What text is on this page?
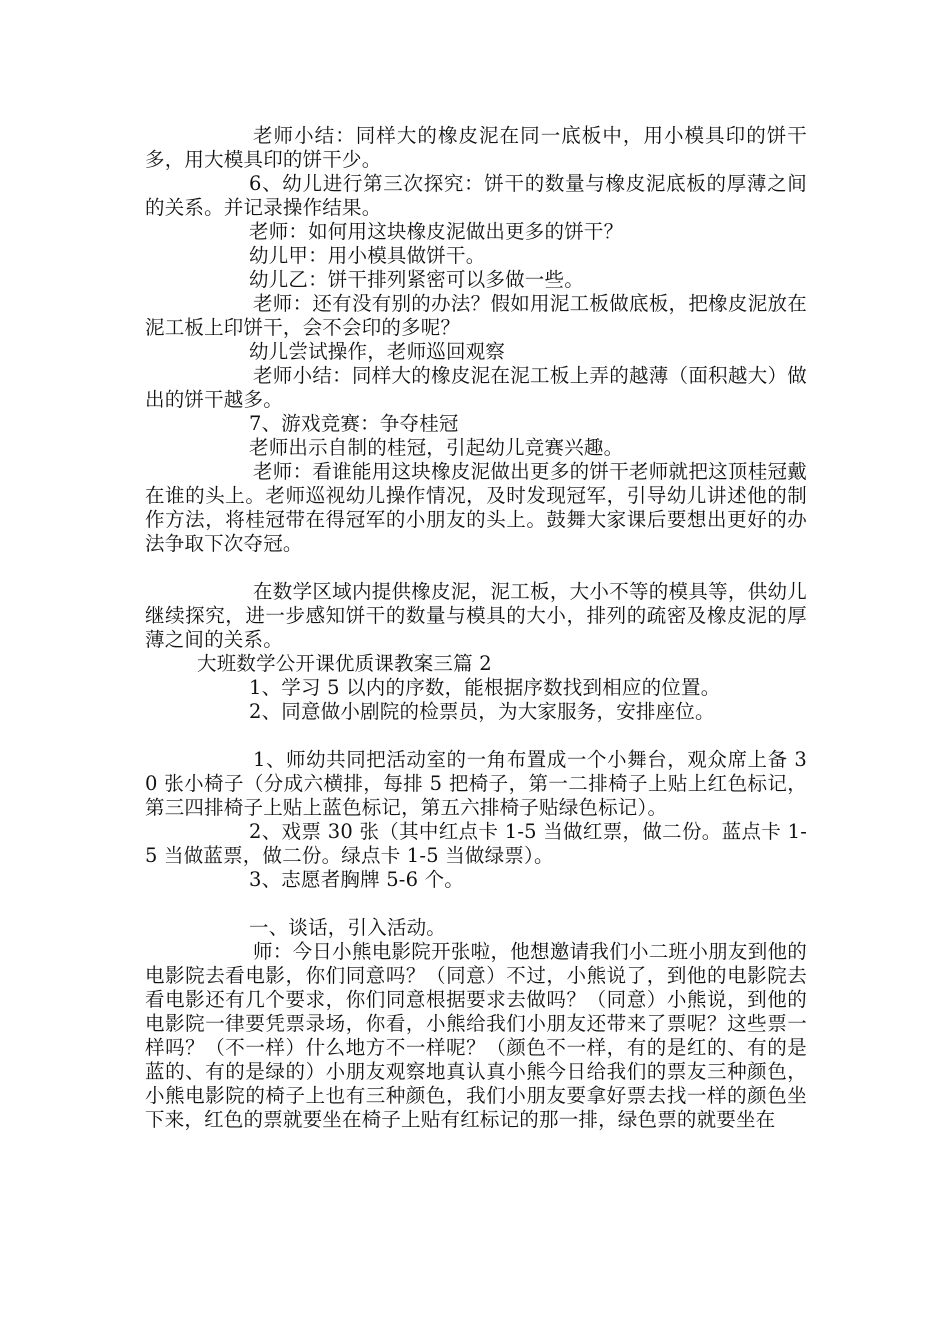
老师小结：同样大的橡皮泥在同一底板中，用小模具印的饼干多，用大模具印的饼干少。

6、幼儿进行第三次探究：饼干的数量与橡皮泥底板的厚薄之间的关系。并记录操作结果。

老师：如何用这块橡皮泥做出更多的饼干？

幼儿甲：用小模具做饼干。

幼儿乙：饼干排列紧密可以多做一些。

老师：还有没有别的办法？假如用泥工板做底板，把橡皮泥放在泥工板上印饼干，会不会印的多呢？

幼儿尝试操作，老师巡回观察

老师小结：同样大的橡皮泥在泥工板上弄的越薄（面积越大）做出的饼干越多。

7、游戏竞赛：争夺桂冠

老师出示自制的桂冠，引起幼儿竞赛兴趣。

老师：看谁能用这块橡皮泥做出更多的饼干老师就把这顶桂冠戴在谁的头上。老师巡视幼儿操作情况，及时发现冠军，引导幼儿讲述他的制作方法，将桂冠带在得冠军的小朋友的头上。鼓舞大家课后要想出更好的办法争取下次夺冠。

在数学区域内提供橡皮泥，泥工板，大小不等的模具等，供幼儿继续探究，进一步感知饼干的数量与模具的大小，排列的疏密及橡皮泥的厚薄之间的关系。

大班数学公开课优质课教案三篇 2

1、学习 5 以内的序数，能根据序数找到相应的位置。

2、同意做小剧院的检票员，为大家服务，安排座位。

1、师幼共同把活动室的一角布置成一个小舞台，观众席上备 30 张小椅子（分成六横排，每排 5 把椅子，第一二排椅子上贴上红色标记，第三四排椅子上贴上蓝色标记，第五六排椅子贴绿色标记）。

2、戏票 30 张（其中红点卡 1-5 当做红票，做二份。蓝点卡 1-5 当做蓝票，做二份。绿点卡 1-5 当做绿票）。

3、志愿者胸牌 5-6 个。

一、谈话，引入活动。

师：今日小熊电影院开张啦，他想邀请我们小二班小朋友到他的电影院去看电影，你们同意吗？（同意）不过，小熊说了，到他的电影院去看电影还有几个要求，你们同意根据要求去做吗？（同意）小熊说，到他的电影院一律要凭票录场，你看，小熊给我们小朋友还带来了票呢？这些票一样吗？（不一样）什么地方不一样呢？（颜色不一样，有的是红的、有的是蓝的、有的是绿的）小朋友观察地真认真小熊今日给我们的票友三种颜色，小熊电影院的椅子上也有三种颜色，我们小朋友要拿好票去找一样的颜色坐下来，红色的票就要坐在椅子上贴有红标记的那一排，绿色票的就要坐在
